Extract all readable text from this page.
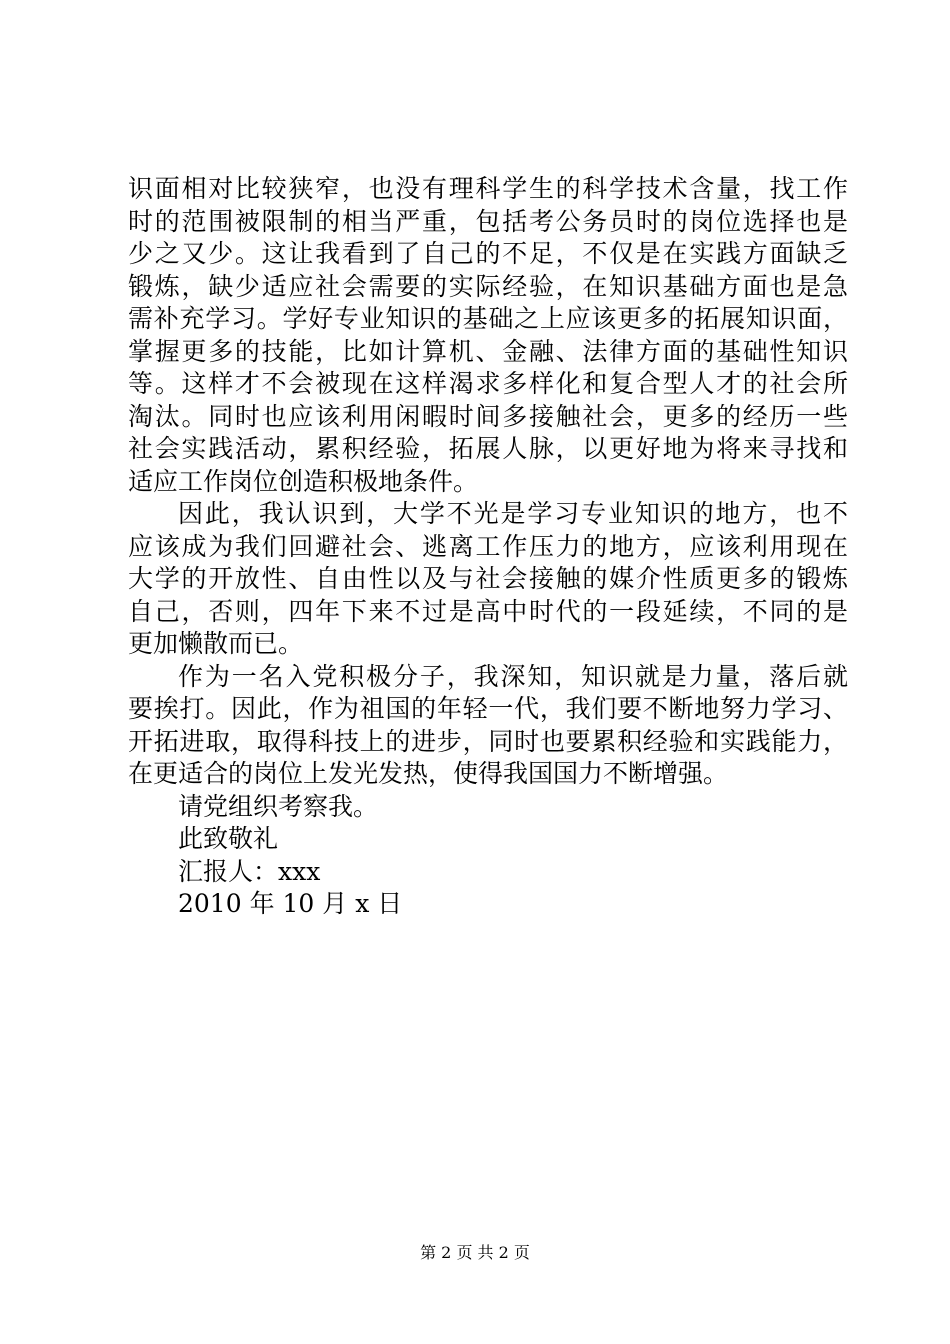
识面相对比较狭窄，也没有理科学生的科学技术含量，找工作
时的范围被限制的相当严重，包括考公务员时的岗位选择也是
少之又少。这让我看到了自己的不足，不仅是在实践方面缺乏
锻炼，缺少适应社会需要的实际经验，在知识基础方面也是急
需补充学习。学好专业知识的基础之上应该更多的拓展知识面，
掌握更多的技能，比如计算机、金融、法律方面的基础性知识
等。这样才不会被现在这样渴求多样化和复合型人才的社会所
淘汰。同时也应该利用闲暇时间多接触社会，更多的经历一些
社会实践活动，累积经验，拓展人脉，以更好地为将来寻找和
适应工作岗位创造积极地条件。
因此，我认识到，大学不光是学习专业知识的地方，也不
应该成为我们回避社会、逃离工作压力的地方，应该利用现在
大学的开放性、自由性以及与社会接触的媒介性质更多的锻炼
自己，否则，四年下来不过是高中时代的一段延续，不同的是
更加懒散而已。
作为一名入党积极分子，我深知，知识就是力量，落后就
要挨打。因此，作为祖国的年轻一代，我们要不断地努力学习、
开拓进取，取得科技上的进步，同时也要累积经验和实践能力，
在更适合的岗位上发光发热，使得我国国力不断增强。
请党组织考察我。
此致敬礼
汇报人：xxx
2010 年 10 月 x 日
第 2 页 共 2 页
